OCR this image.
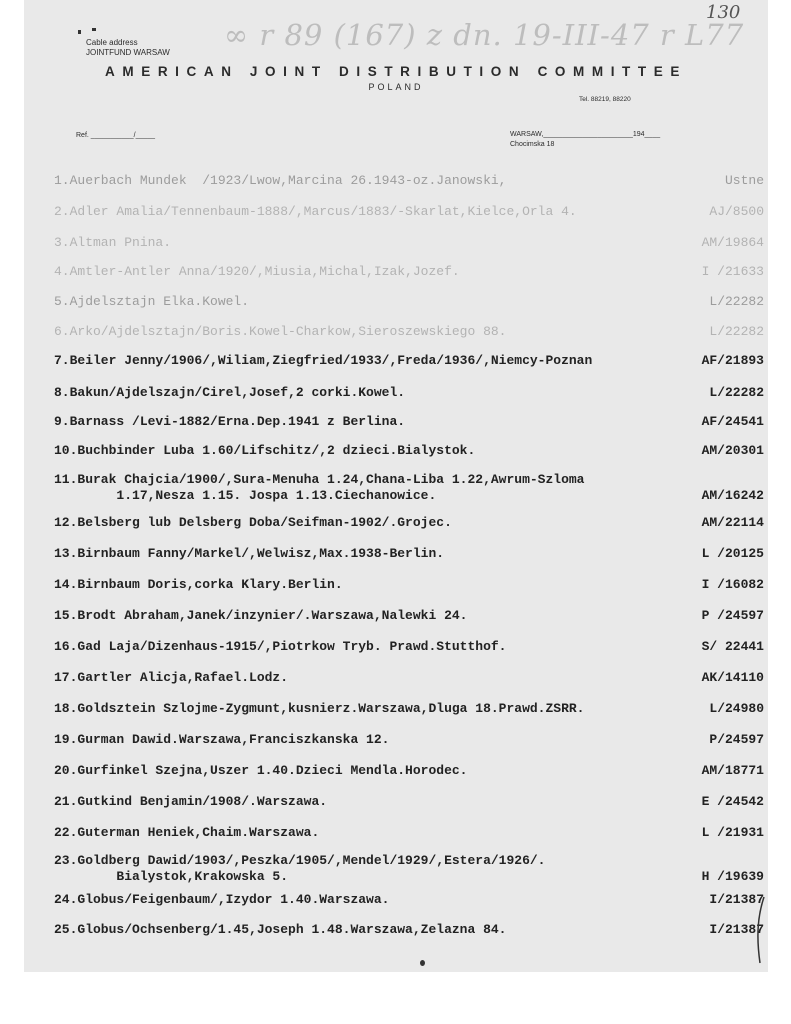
∞ r 89 (167) z dn. 19-III-47 r L77
130
Cable address
JOINTFUND WARSAW
AMERICAN JOINT DISTRIBUTION COMMITTEE
POLAND
Tel. 88219, 88220
Ref. ___________/_____	WARSAW,_______________________194____
Chocimska 18
1.Auerbach Mundek  /1923/Lwow,Marcina 26.1943-oz.Janowski,	Ustne
2.Adler Amalia/Tennenbaum-1888/,Marcus/1883/-Skarlat,Kielce,Orla 4.	AJ/8500
3.Altman Pnina.	AM/19864
4.Amtler-Antler Anna/1920/,Miusia,Michal,Izak,Jozef.	I /21633
5.Ajdelsztajn Elka.Kowel.	L/22282
6.Arko/Ajdelsztajn/Boris.Kowel-Charkow,Sieroszewskiego 88.	L/22282
7.Beiler Jenny/1906/,Wiliam,Ziegfried/1933/,Freda/1936/,Niemcy-Poznan	AF/21893
8.Bakun/Ajdelszajn/Cirel,Josef,2 corki.Kowel.	L/22282
9.Barnass /Levi-1882/Erna.Dep.1941 z Berlina.	AF/24541
10.Buchbinder Luba 1.60/Lifschitz/,2 dzieci.Bialystok.	AM/20301
11.Burak Chajcia/1900/,Sura-Menuha 1.24,Chana-Liba 1.22,Awrum-Szloma
1.17,Nesza 1.15. Jospa 1.13.Ciechanowice.	AM/16242
12.Belsberg lub Delsberg Doba/Seifman-1902/.Grojec.	AM/22114
13.Birnbaum Fanny/Markel/,Welwisz,Max.1938-Berlin.	L /20125
14.Birnbaum Doris,corka Klary.Berlin.	I /16082
15.Brodt Abraham,Janek/inzynier/.Warszawa,Nalewki 24.	P /24597
16.Gad Laja/Dizenhaus-1915/,Piotrkow Tryb. Prawd.Stutthof.	S/ 22441
17.Gartler Alicja,Rafael.Lodz.	AK/14110
18.Goldsztein Szlojme-Zygmunt,kusnierz.Warszawa,Dluga 18.Prawd.ZSRR.	L/24980
19.Gurman Dawid.Warszawa,Franciszkanska 12.	P/24597
20.Gurfinkel Szejna,Uszer 1.40.Dzieci Mendla.Horodec.	AM/18771
21.Gutkind Benjamin/1908/.Warszawa.	E /24542
22.Guterman Heniek,Chaim.Warszawa.	L /21931
23.Goldberg Dawid/1903/,Peszka/1905/,Mendel/1929/,Estera/1926/.
Bialystok,Krakowska 5.	H /19639
24.Globus/Feigenbaum/,Izydor 1.40.Warszawa.	I/21387
25.Globus/Ochsenberg/1.45,Joseph 1.48.Warszawa,Zelazna 84.	I/21387
